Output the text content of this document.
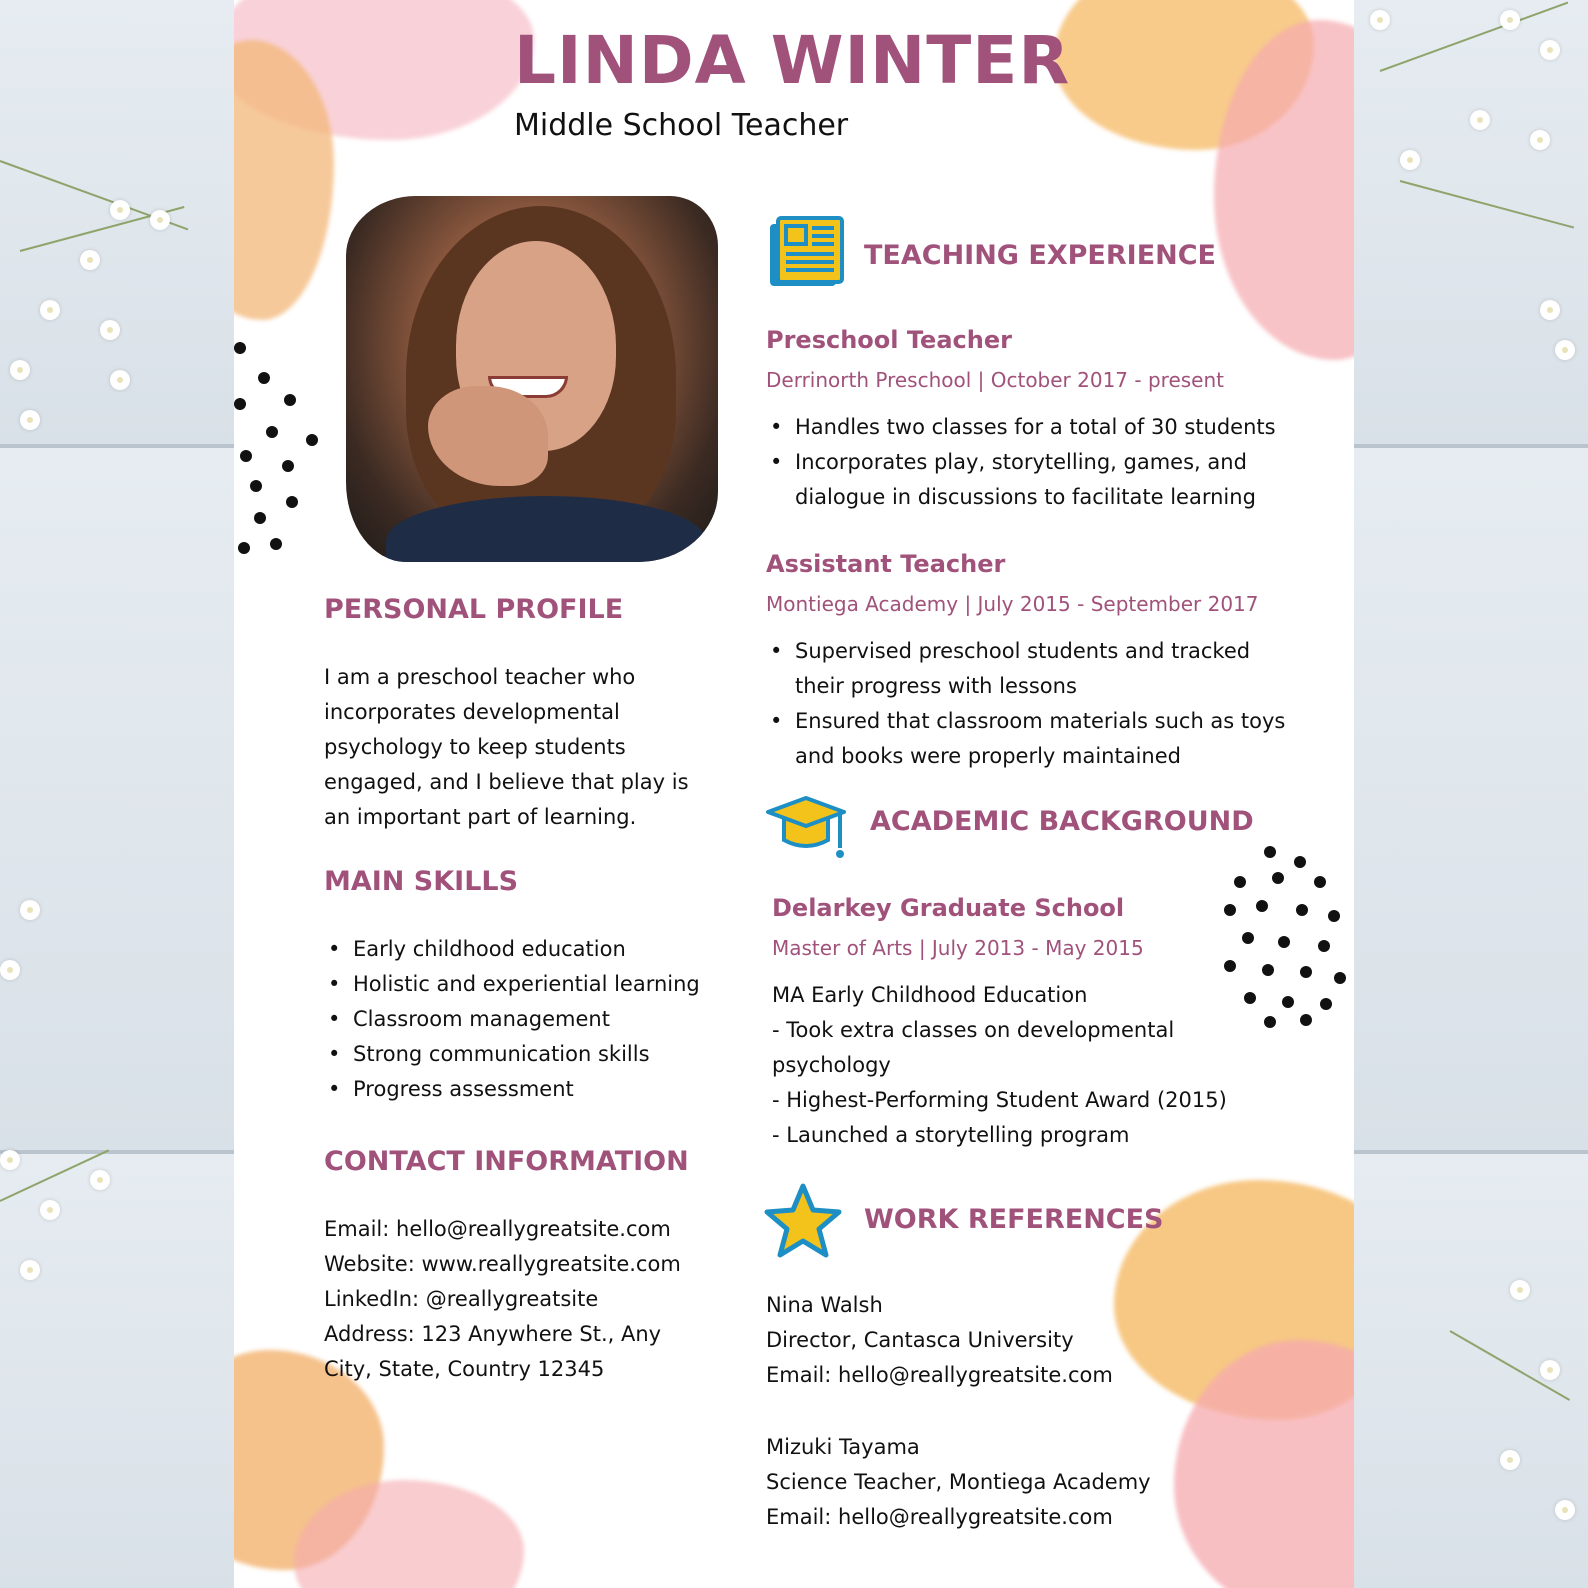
LINDA WINTER
Middle School Teacher
PERSONAL PROFILE
I am a preschool teacher who
incorporates developmental
psychology to keep students
engaged, and I believe that play is
an important part of learning.
MAIN SKILLS
• Early childhood education
• Holistic and experiential learning
• Classroom management
• Strong communication skills
• Progress assessment
CONTACT INFORMATION
Email: hello@reallygreatsite.com
Website: www.reallygreatsite.com
LinkedIn: @reallygreatsite
Address: 123 Anywhere St., Any
City, State, Country 12345
TEACHING EXPERIENCE
Preschool Teacher
Derrinorth Preschool | October 2017 - present
• Handles two classes for a total of 30 students
• Incorporates play, storytelling, games, and
dialogue in discussions to facilitate learning
Assistant Teacher
Montiega Academy | July 2015 - September 2017
• Supervised preschool students and tracked
their progress with lessons
• Ensured that classroom materials such as toys
and books were properly maintained
ACADEMIC BACKGROUND
Delarkey Graduate School
Master of Arts | July 2013 - May 2015
MA Early Childhood Education
- Took extra classes on developmental
psychology
- Highest-Performing Student Award (2015)
- Launched a storytelling program
WORK REFERENCES
Nina Walsh
Director, Cantasca University
Email: hello@reallygreatsite.com
Mizuki Tayama
Science Teacher, Montiega Academy
Email: hello@reallygreatsite.com
